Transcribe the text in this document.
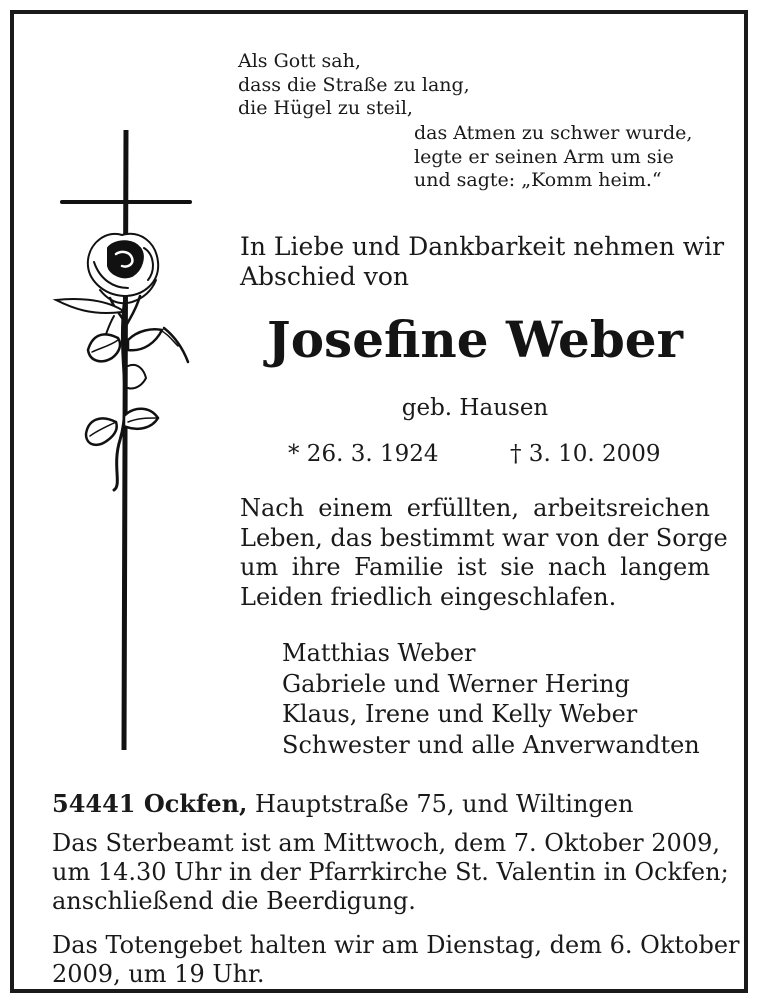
Als Gott sah,
dass die Straße zu lang,
die Hügel zu steil,
das Atmen zu schwer wurde,
legte er seinen Arm um sie
und sagte: „Komm heim.“
In Liebe und Dankbarkeit nehmen wir
Abschied von
Josefine Weber
geb. Hausen
* 26. 3. 1924	† 3. 10. 2009
Nach einem erfüllten, arbeitsreichen
Leben, das bestimmt war von der Sorge
um ihre Familie ist sie nach langem
Leiden friedlich eingeschlafen.
Matthias Weber
Gabriele und Werner Hering
Klaus, Irene und Kelly Weber
Schwester und alle Anverwandten
54441 Ockfen, Hauptstraße 75, und Wiltingen
Das Sterbeamt ist am Mittwoch, dem 7. Oktober 2009,
um 14.30 Uhr in der Pfarrkirche St. Valentin in Ockfen;
anschließend die Beerdigung.
Das Totengebet halten wir am Dienstag, dem 6. Oktober
2009, um 19 Uhr.
